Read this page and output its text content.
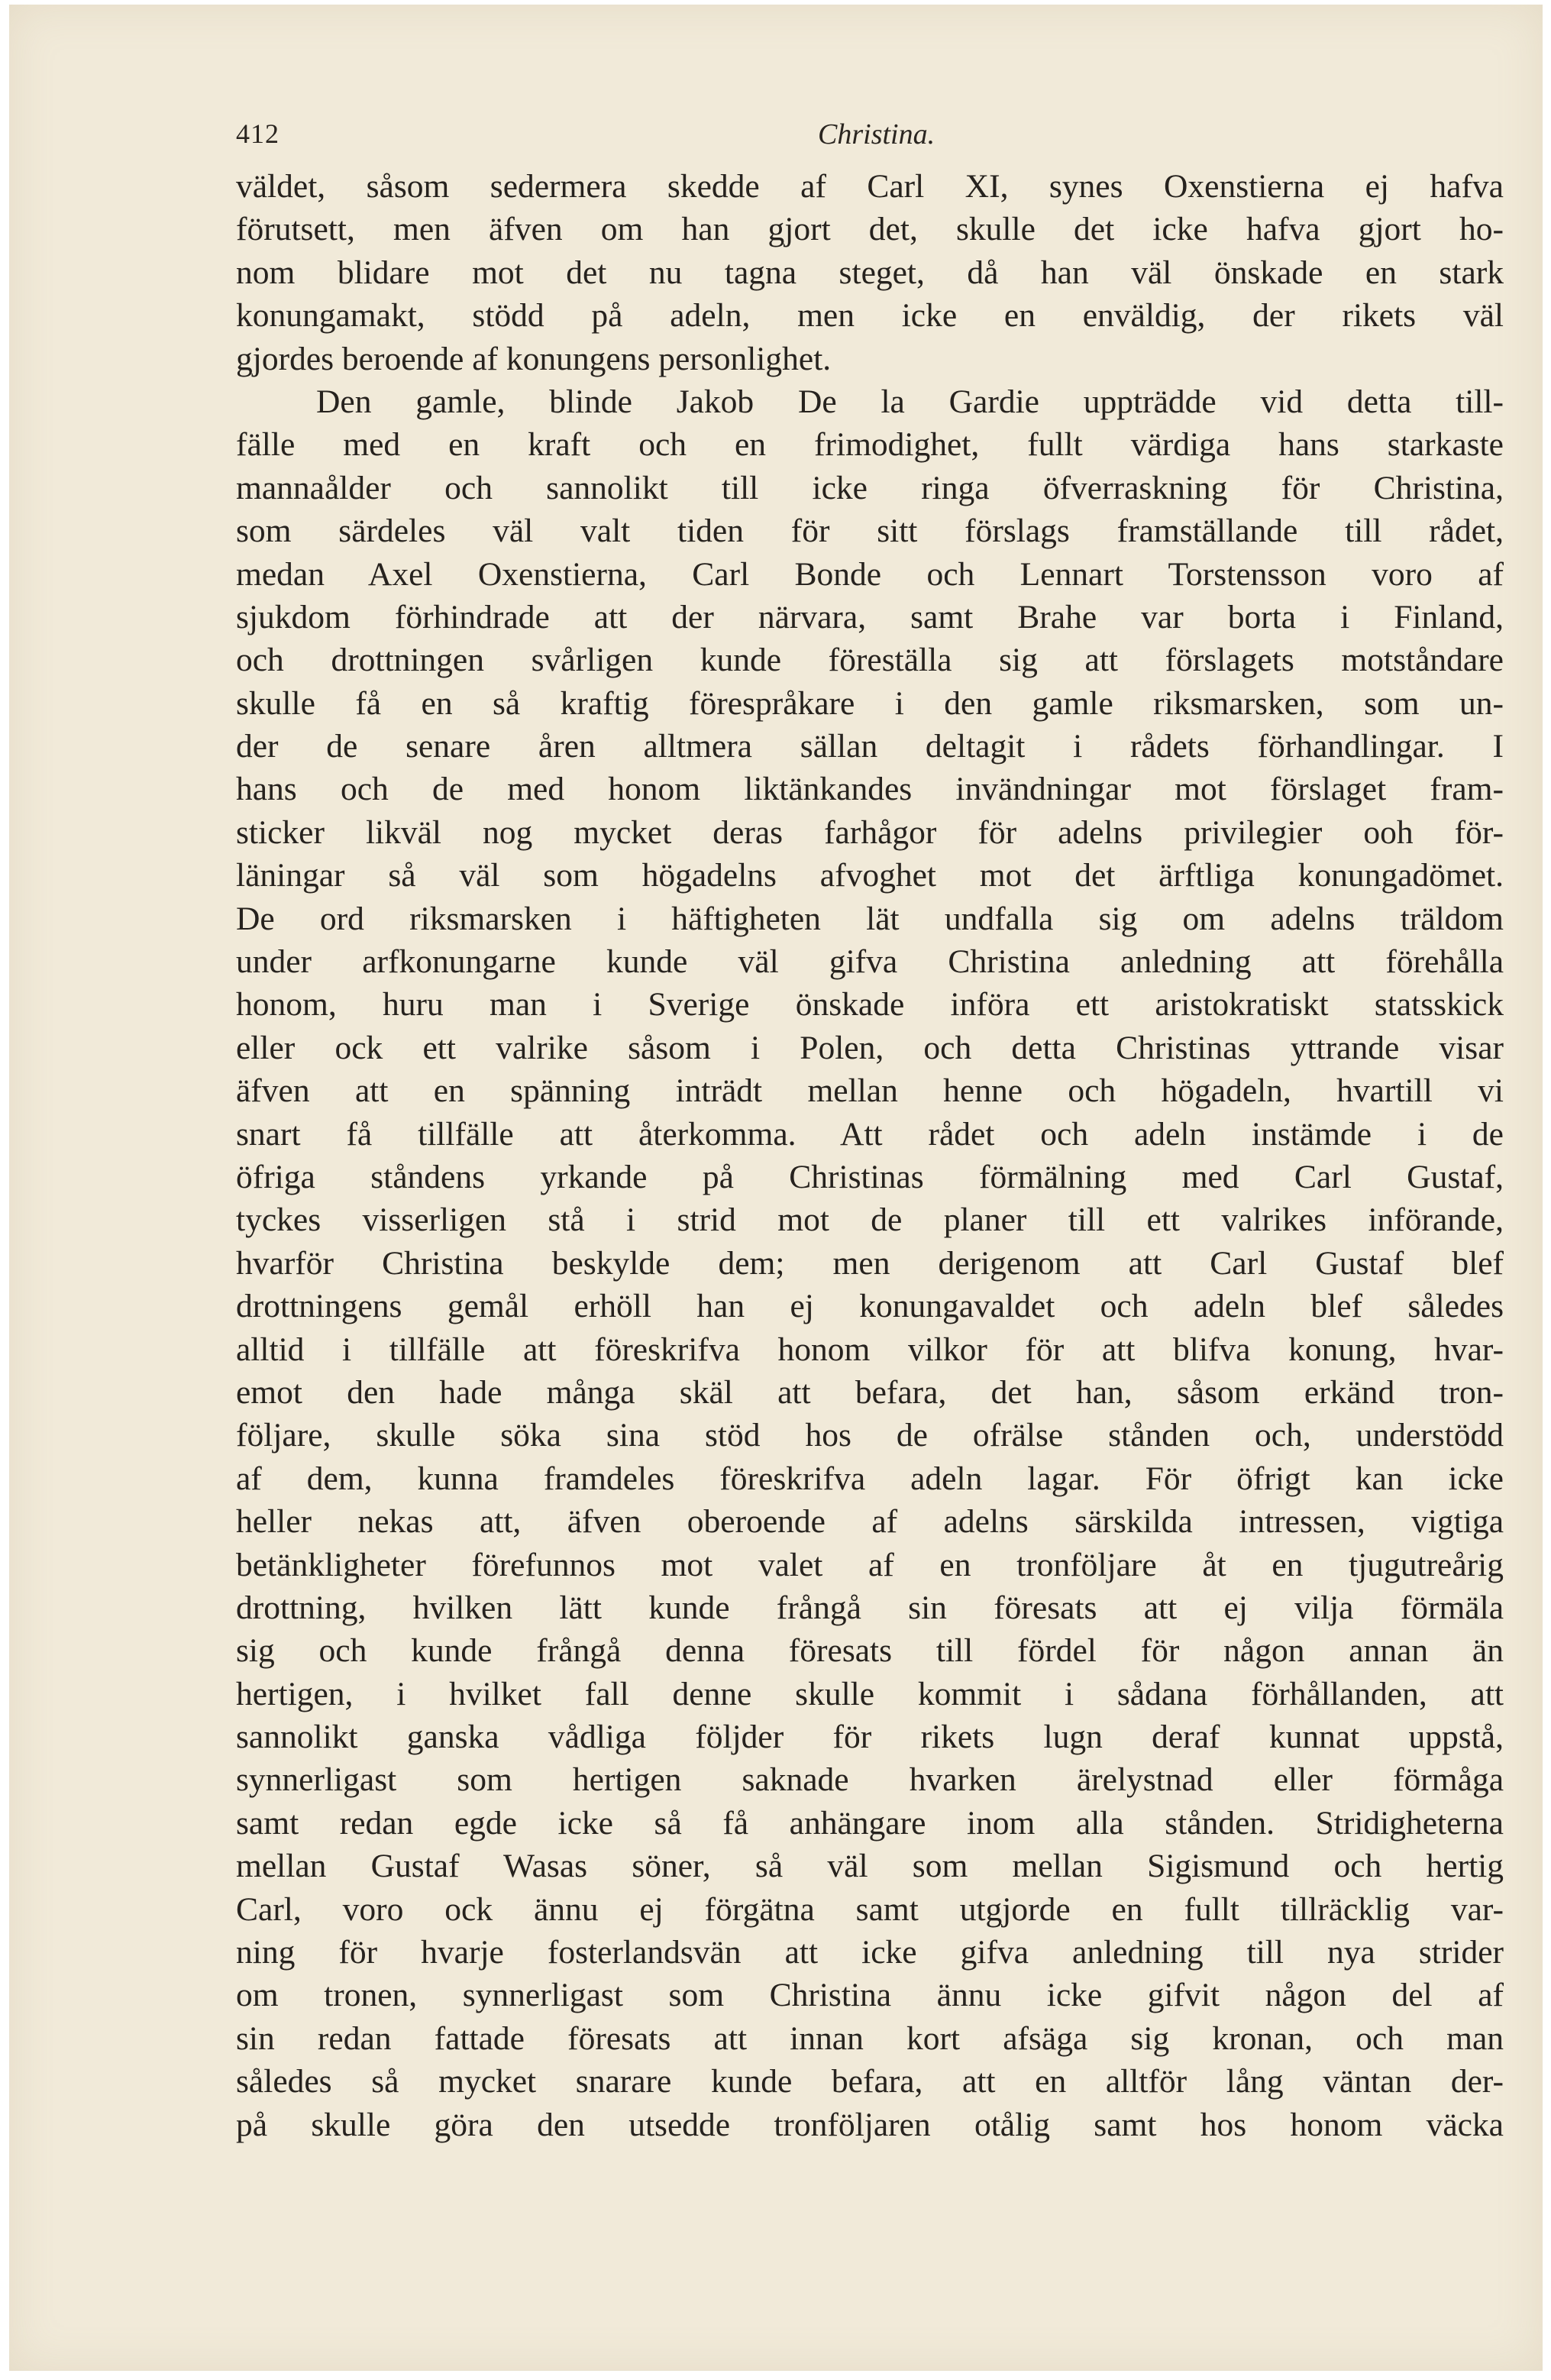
412	Christina.
väldet, såsom sedermera skedde af Carl XI, synes Oxenstierna ej hafva
förutsett, men äfven om han gjort det, skulle det icke hafva gjort ho-
nom blidare mot det nu tagna steget, då han väl önskade en stark
konungamakt, stödd på adeln, men icke en enväldig, der rikets väl
gjordes beroende af konungens personlighet.
Den gamle, blinde Jakob De la Gardie uppträdde vid detta till-
fälle med en kraft och en frimodighet, fullt värdiga hans starkaste
mannaålder och sannolikt till icke ringa öfverraskning för Christina,
som särdeles väl valt tiden för sitt förslags framställande till rådet,
medan Axel Oxenstierna, Carl Bonde och Lennart Torstensson voro af
sjukdom förhindrade att der närvara, samt Brahe var borta i Finland,
och drottningen svårligen kunde föreställa sig att förslagets motståndare
skulle få en så kraftig förespråkare i den gamle riksmarsken, som un-
der de senare åren alltmera sällan deltagit i rådets förhandlingar. I
hans och de med honom liktänkandes invändningar mot förslaget fram-
sticker likväl nog mycket deras farhågor för adelns privilegier ooh för-
läningar så väl som högadelns afvoghet mot det ärftliga konungadömet.
De ord riksmarsken i häftigheten lät undfalla sig om adelns träldom
under arfkonungarne kunde väl gifva Christina anledning att förehålla
honom, huru man i Sverige önskade införa ett aristokratiskt statsskick
eller ock ett valrike såsom i Polen, och detta Christinas yttrande visar
äfven att en spänning inträdt mellan henne och högadeln, hvartill vi
snart få tillfälle att återkomma. Att rådet och adeln instämde i de
öfriga ståndens yrkande på Christinas förmälning med Carl Gustaf,
tyckes visserligen stå i strid mot de planer till ett valrikes införande,
hvarför Christina beskylde dem; men derigenom att Carl Gustaf blef
drottningens gemål erhöll han ej konungavaldet och adeln blef således
alltid i tillfälle att föreskrifva honom vilkor för att blifva konung, hvar-
emot den hade många skäl att befara, det han, såsom erkänd tron-
följare, skulle söka sina stöd hos de ofrälse stånden och, understödd
af dem, kunna framdeles föreskrifva adeln lagar. För öfrigt kan icke
heller nekas att, äfven oberoende af adelns särskilda intressen, vigtiga
betänkligheter förefunnos mot valet af en tronföljare åt en tjugutreårig
drottning, hvilken lätt kunde frångå sin föresats att ej vilja förmäla
sig och kunde frångå denna föresats till fördel för någon annan än
hertigen, i hvilket fall denne skulle kommit i sådana förhållanden, att
sannolikt ganska vådliga följder för rikets lugn deraf kunnat uppstå,
synnerligast som hertigen saknade hvarken ärelystnad eller förmåga
samt redan egde icke så få anhängare inom alla stånden. Stridigheterna
mellan Gustaf Wasas söner, så väl som mellan Sigismund och hertig
Carl, voro ock ännu ej förgätna samt utgjorde en fullt tillräcklig var-
ning för hvarje fosterlandsvän att icke gifva anledning till nya strider
om tronen, synnerligast som Christina ännu icke gifvit någon del af
sin redan fattade föresats att innan kort afsäga sig kronan, och man
således så mycket snarare kunde befara, att en alltför lång väntan der-
på skulle göra den utsedde tronföljaren otålig samt hos honom väcka
